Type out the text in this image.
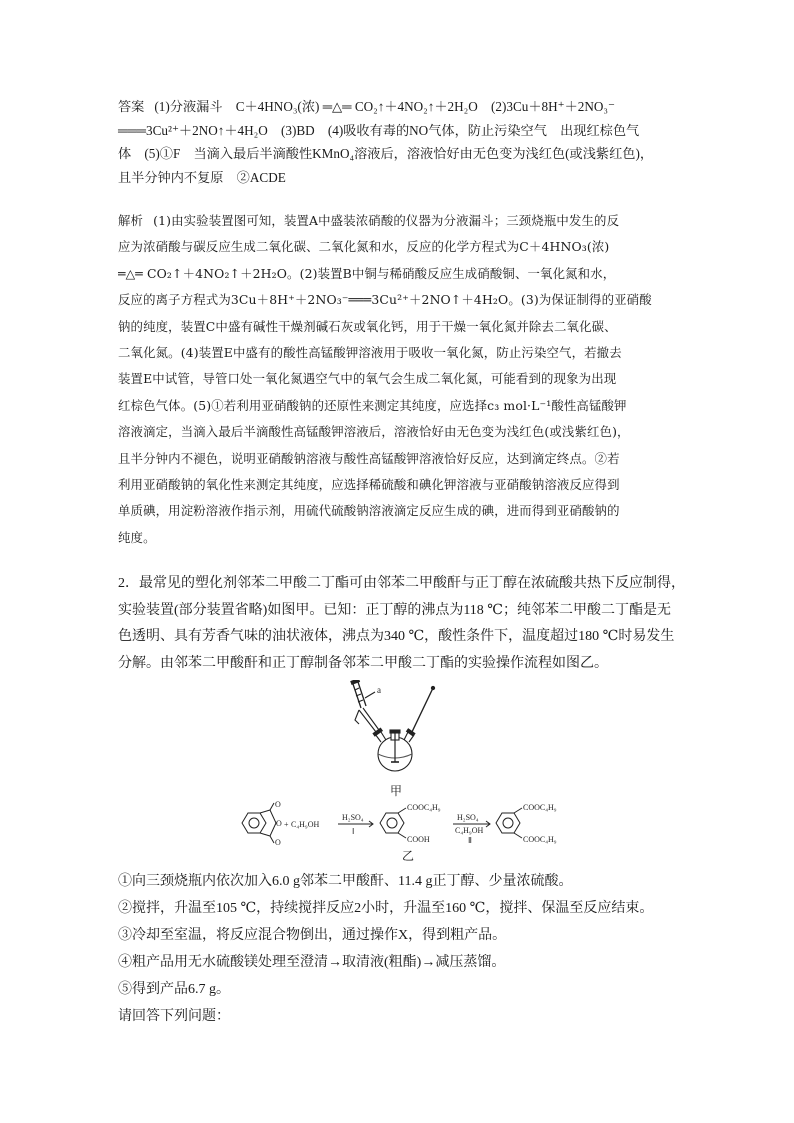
答案 (1)分液漏斗　C＋4HNO₃(浓) ═△═ CO₂↑＋4NO₂↑＋2H₂O　(2)3Cu＋8H⁺＋2NO₃⁻
═══3Cu²⁺＋2NO↑＋4H₂O　(3)BD　(4)吸收有毒的NO气体，防止污染空气　出现红棕色气
体　(5)①F　当滴入最后半滴酸性KMnO₄溶液后，溶液恰好由无色变为浅红色(或浅紫红色)，
且半分钟内不复原　②ACDE
解析 (1)由实验装置图可知，装置A中盛装浓硝酸的仪器为分液漏斗；三颈烧瓶中发生的反
应为浓硝酸与碳反应生成二氧化碳、二氧化氮和水，反应的化学方程式为C＋4HNO₃(浓)
═△═ CO₂↑＋4NO₂↑＋2H₂O。(2)装置B中铜与稀硝酸反应生成硝酸铜、一氧化氮和水，
反应的离子方程式为3Cu＋8H⁺＋2NO₃⁻═══3Cu²⁺＋2NO↑＋4H₂O。(3)为保证制得的亚硝酸
钠的纯度，装置C中盛有碱性干燥剂碱石灰或氧化钙，用于干燥一氧化氮并除去二氧化碳、
二氧化氮。(4)装置E中盛有的酸性高锰酸钾溶液用于吸收一氧化氮，防止污染空气，若撤去
装置E中试管，导管口处一氧化氮遇空气中的氧气会生成二氧化氮，可能看到的现象为出现
红棕色气体。(5)①若利用亚硝酸钠的还原性来测定其纯度，应选择c₃ mol·L⁻¹酸性高锰酸钾
溶液滴定，当滴入最后半滴酸性高锰酸钾溶液后，溶液恰好由无色变为浅红色(或浅紫红色)，
且半分钟内不褪色，说明亚硝酸钠溶液与酸性高锰酸钾溶液恰好反应，达到滴定终点。②若
利用亚硝酸钠的氧化性来测定其纯度，应选择稀硫酸和碘化钾溶液与亚硝酸钠溶液反应得到
单质碘，用淀粉溶液作指示剂，用硫代硫酸钠溶液滴定反应生成的碘，进而得到亚硝酸钠的
纯度。
2．最常见的塑化剂邻苯二甲酸二丁酯可由邻苯二甲酸酐与正丁醇在浓硫酸共热下反应制得，
实验装置(部分装置省略)如图甲。已知：正丁醇的沸点为118 ℃；纯邻苯二甲酸二丁酯是无
色透明、具有芳香气味的油状液体，沸点为340 ℃，酸性条件下，温度超过180 ℃时易发生
分解。由邻苯二甲酸酐和正丁醇制备邻苯二甲酸二丁酯的实验操作流程如图乙。
a
甲
O
O
O
+ C₄H₉OH
H₂SO₄
Ⅰ
COOC₄H₉
COOH
H₂SO₄
C₄H₉OH
Ⅱ
COOC₄H₉
COOC₄H₉
乙
①向三颈烧瓶内依次加入6.0 g邻苯二甲酸酐、11.4 g正丁醇、少量浓硫酸。
②搅拌，升温至105 ℃，持续搅拌反应2小时，升温至160 ℃，搅拌、保温至反应结束。
③冷却至室温，将反应混合物倒出，通过操作X，得到粗产品。
④粗产品用无水硫酸镁处理至澄清→取清液(粗酯)→减压蒸馏。
⑤得到产品6.7 g。
请回答下列问题：
